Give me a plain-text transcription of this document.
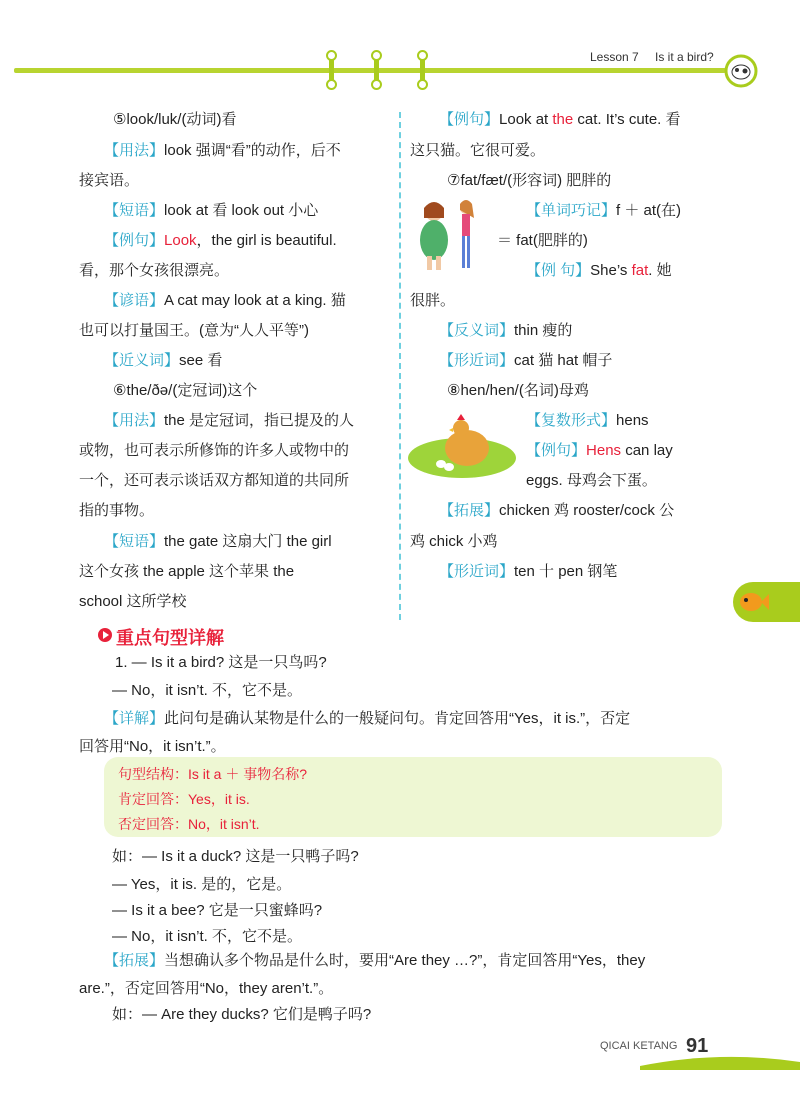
Lesson 7 Is it a bird?
⑤look/luk/(动词)看
【用法】look 强调“看”的动作，后不
接宾语。
【短语】look at 看 look out 小心
【例句】Look，the girl is beautiful.
看，那个女孩很漂亮。
【谚语】A cat may look at a king. 猫
也可以打量国王。(意为“人人平等”)
【近义词】see 看
⑥the/ðə/(定冠词)这个
【用法】the 是定冠词，指已提及的人
或物，也可表示所修饰的许多人或物中的
一个，还可表示谈话双方都知道的共同所
指的事物。
【短语】the gate 这扇大门 the girl
这个女孩 the apple 这个苹果 the
school 这所学校
【例句】Look at the cat. It’s cute. 看
这只猫。它很可爱。
⑦fat/fæt/(形容词) 肥胖的
【单词巧记】f ＋ at(在)
＝ fat(肥胖的)
【例 句】She’s fat. 她
很胖。
【反义词】thin 瘦的
【形近词】cat 猫 hat 帽子
⑧hen/hen/(名词)母鸡
【复数形式】hens
【例句】Hens can lay
eggs. 母鸡会下蛋。
【拓展】chicken 鸡 rooster/cock 公
鸡 chick 小鸡
【形近词】ten 十 pen 钢笔
重点句型详解
1. — Is it a bird? 这是一只鸟吗?
— No，it isn’t. 不，它不是。
【详解】此问句是确认某物是什么的一般疑问句。肯定回答用“Yes，it is.”，否定
回答用“No，it isn’t.”。
句型结构：Is it a ＋ 事物名称?
肯定回答：Yes，it is.
否定回答：No，it isn’t.
如：— Is it a duck? 这是一只鸭子吗?
— Yes，it is. 是的，它是。
— Is it a bee? 它是一只蜜蜂吗?
— No，it isn’t. 不，它不是。
【拓展】当想确认多个物品是什么时，要用“Are they …?”，肯定回答用“Yes，they
are.”，否定回答用“No，they aren’t.”。
如：— Are they ducks? 它们是鸭子吗?
QICAI KETANG 91
